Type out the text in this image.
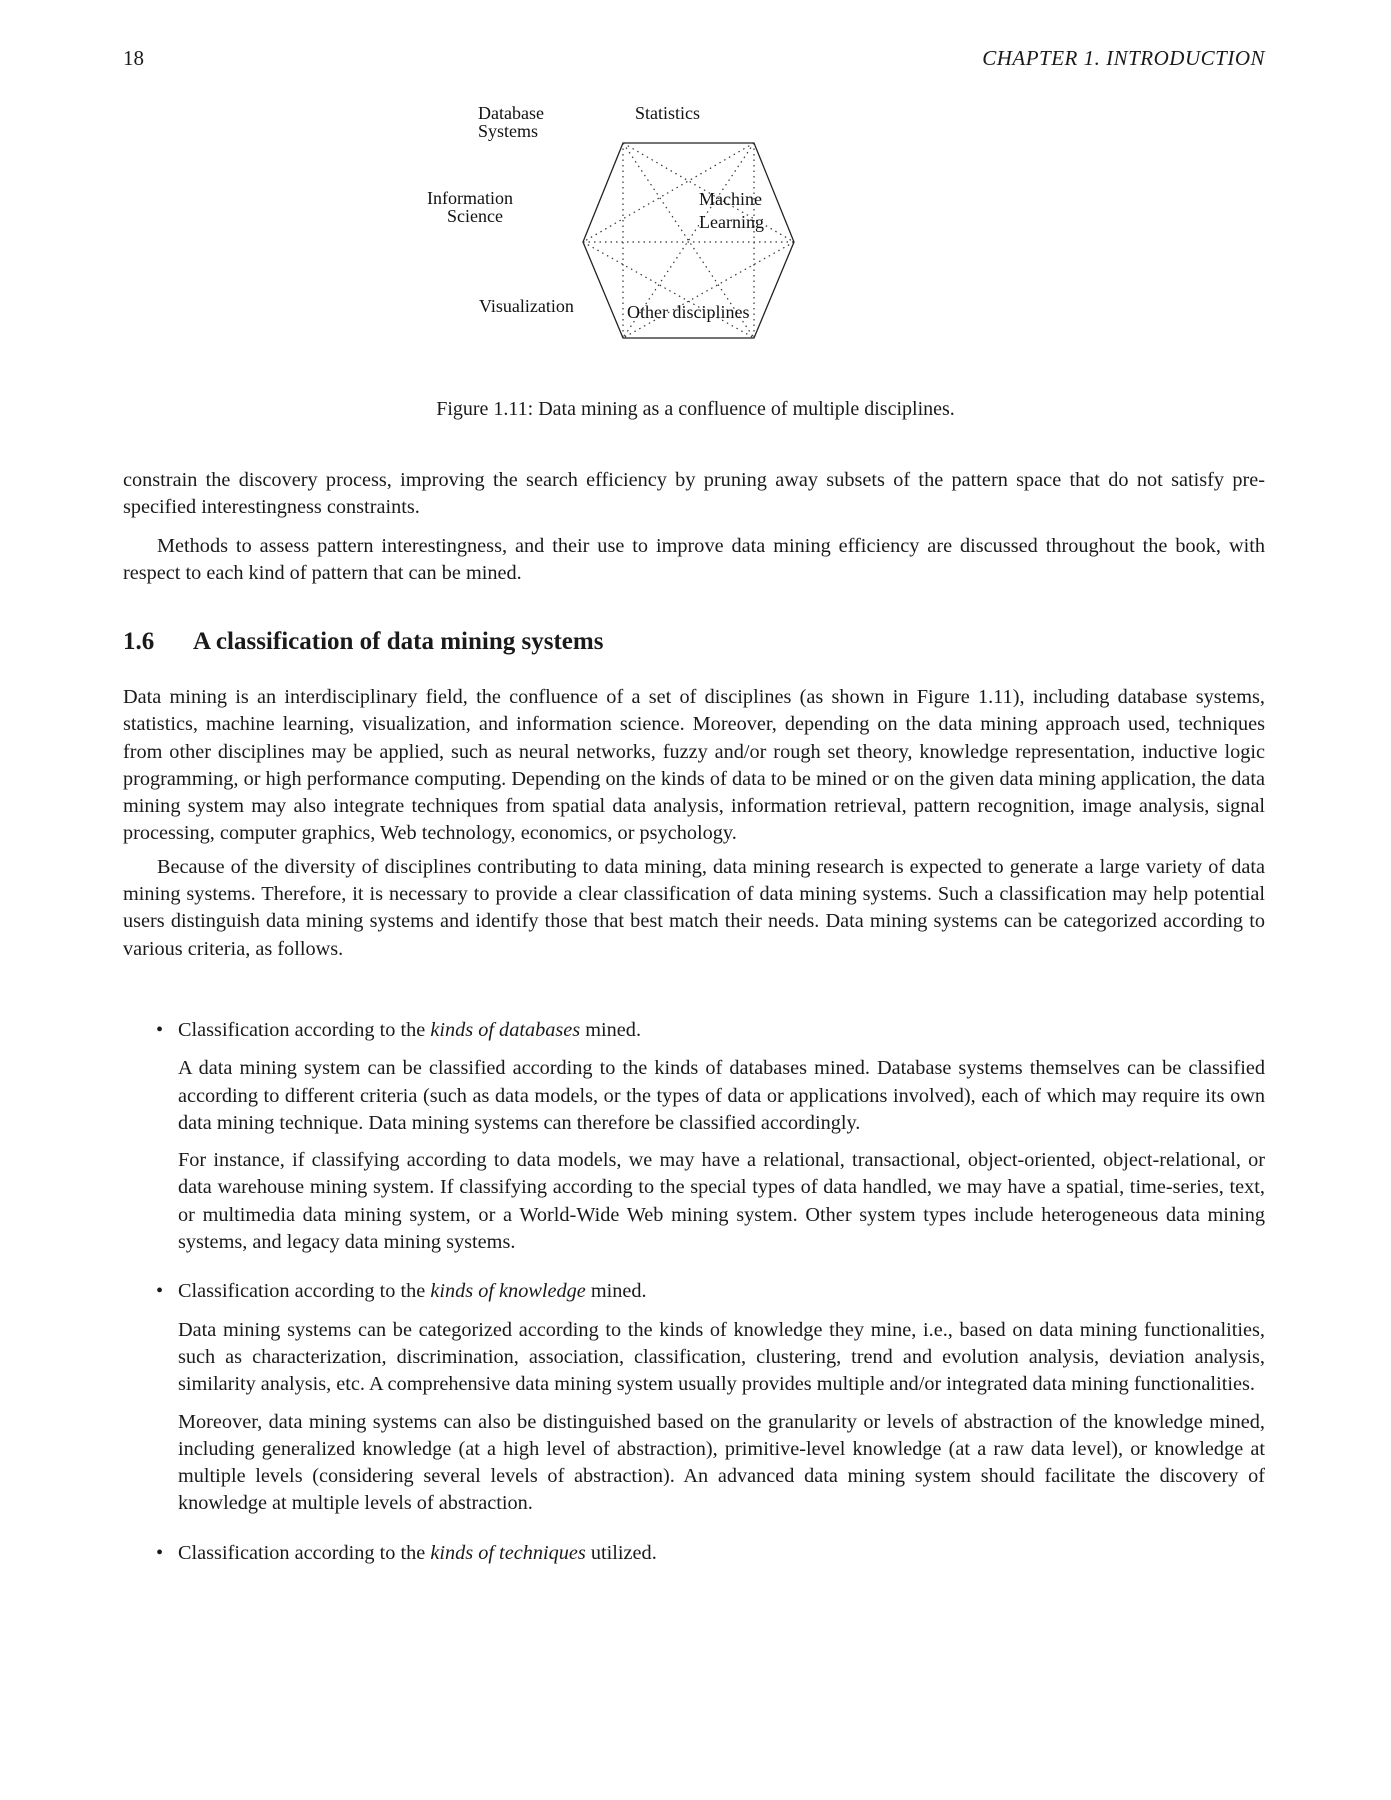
18	CHAPTER 1. INTRODUCTION
Database
Systems
Statistics
Machine
Learning
Information
Science
Visualization	Other disciplines
Figure 1.11: Data mining as a confluence of multiple disciplines.

constrain the discovery process, improving the search efficiency by pruning away subsets of the pattern space that do not satisfy pre-specified interestingness constraints.

Methods to assess pattern interestingness, and their use to improve data mining efficiency are discussed throughout the book, with respect to each kind of pattern that can be mined.

1.6 A classification of data mining systems

Data mining is an interdisciplinary field, the confluence of a set of disciplines (as shown in Figure 1.11), including database systems, statistics, machine learning, visualization, and information science. Moreover, depending on the data mining approach used, techniques from other disciplines may be applied, such as neural networks, fuzzy and/or rough set theory, knowledge representation, inductive logic programming, or high performance computing. Depending on the kinds of data to be mined or on the given data mining application, the data mining system may also integrate techniques from spatial data analysis, information retrieval, pattern recognition, image analysis, signal processing, computer graphics, Web technology, economics, or psychology.

Because of the diversity of disciplines contributing to data mining, data mining research is expected to generate a large variety of data mining systems. Therefore, it is necessary to provide a clear classification of data mining systems. Such a classification may help potential users distinguish data mining systems and identify those that best match their needs. Data mining systems can be categorized according to various criteria, as follows.

• Classification according to the kinds of databases mined.

A data mining system can be classified according to the kinds of databases mined. Database systems themselves can be classified according to different criteria (such as data models, or the types of data or applications involved), each of which may require its own data mining technique. Data mining systems can therefore be classified accordingly.

For instance, if classifying according to data models, we may have a relational, transactional, object-oriented, object-relational, or data warehouse mining system. If classifying according to the special types of data handled, we may have a spatial, time-series, text, or multimedia data mining system, or a World-Wide Web mining system. Other system types include heterogeneous data mining systems, and legacy data mining systems.

• Classification according to the kinds of knowledge mined.

Data mining systems can be categorized according to the kinds of knowledge they mine, i.e., based on data mining functionalities, such as characterization, discrimination, association, classification, clustering, trend and evolution analysis, deviation analysis, similarity analysis, etc. A comprehensive data mining system usually provides multiple and/or integrated data mining functionalities.

Moreover, data mining systems can also be distinguished based on the granularity or levels of abstraction of the knowledge mined, including generalized knowledge (at a high level of abstraction), primitive-level knowledge (at a raw data level), or knowledge at multiple levels (considering several levels of abstraction). An advanced data mining system should facilitate the discovery of knowledge at multiple levels of abstraction.

• Classification according to the kinds of techniques utilized.
